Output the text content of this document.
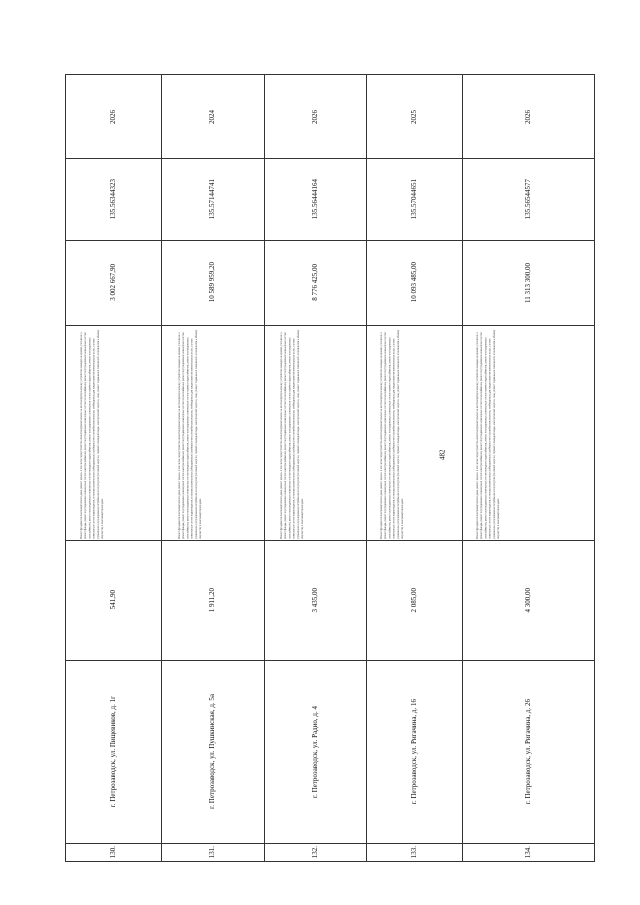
482
2026
135.56344323
3 002 667,90
Ремонт фундамента многоквартирного дома, ремонт крыши, в том числе переустройство невентилируемой крыши на вентилируемую крышу, устройство выходов на кровлю, утепление и ремонт фасада, ремонт внутридомовых инженерных систем электроснабжения, ремонт внутридомовых инженерных систем теплоснабжения, ремонт внутридомовых инженерных систем газоснабжения, ремонт внутридомовых инженерных систем холодного водоснабжения, ремонт внутридомовых инженерных систем горячего водоснабжения, ремонт внутридомовых инженерных систем водоотведения, установка коллективных (общедомовых) приборов учета потребления ресурсов, необходимых для предоставления коммунальных услуг, и узлов управления и регулирования потребления этих ресурсов (тепловой энергии, горячей и холодной воды, электрической энергии, газа), ремонт подвальных помещений, относящихся к общему имуществу в многоквартирном доме
541,90
г. Петрозаводск, ул. Пищевиков, д. 1г
130.
2024
135.57144741
10 589 959,20
Ремонт фундамента многоквартирного дома, ремонт крыши, в том числе переустройство невентилируемой крыши на вентилируемую крышу, устройство выходов на кровлю, утепление и ремонт фасада, ремонт внутридомовых инженерных систем электроснабжения, ремонт внутридомовых инженерных систем теплоснабжения, ремонт внутридомовых инженерных систем газоснабжения, ремонт внутридомовых инженерных систем холодного водоснабжения, ремонт внутридомовых инженерных систем горячего водоснабжения, ремонт внутридомовых инженерных систем водоотведения, установка коллективных (общедомовых) приборов учета потребления ресурсов, необходимых для предоставления коммунальных услуг, и узлов управления и регулирования потребления этих ресурсов (тепловой энергии, горячей и холодной воды, электрической энергии, газа), ремонт подвальных помещений, относящихся к общему имуществу в многоквартирном доме
1 911,20
г. Петрозаводск, ул. Пушкинская, д. 5а
131.
2026
135.56444164
8 776 425,00
Ремонт фундамента многоквартирного дома, ремонт крыши, в том числе переустройство невентилируемой крыши на вентилируемую крышу, устройство выходов на кровлю, утепление и ремонт фасада, ремонт внутридомовых инженерных систем электроснабжения, ремонт внутридомовых инженерных систем теплоснабжения, ремонт внутридомовых инженерных систем газоснабжения, ремонт внутридомовых инженерных систем холодного водоснабжения, ремонт внутридомовых инженерных систем горячего водоснабжения, ремонт внутридомовых инженерных систем водоотведения, установка коллективных (общедомовых) приборов учета потребления ресурсов, необходимых для предоставления коммунальных услуг, и узлов управления и регулирования потребления этих ресурсов (тепловой энергии, горячей и холодной воды, электрической энергии, газа), ремонт подвальных помещений, относящихся к общему имуществу в многоквартирном доме
3 435,00
г. Петрозаводск, ул. Радио, д. 4
132.
2025
135.57044651
10 093 485,00
Ремонт фундамента многоквартирного дома, ремонт крыши, в том числе переустройство невентилируемой крыши на вентилируемую крышу, устройство выходов на кровлю, утепление и ремонт фасада, ремонт внутридомовых инженерных систем электроснабжения, ремонт внутридомовых инженерных систем теплоснабжения, ремонт внутридомовых инженерных систем газоснабжения, ремонт внутридомовых инженерных систем холодного водоснабжения, ремонт внутридомовых инженерных систем горячего водоснабжения, ремонт внутридомовых инженерных систем водоотведения, установка коллективных (общедомовых) приборов учета потребления ресурсов, необходимых для предоставления коммунальных услуг, и узлов управления и регулирования потребления этих ресурсов (тепловой энергии, горячей и холодной воды, электрической энергии, газа), ремонт подвальных помещений, относящихся к общему имуществу в многоквартирном доме
2 085,00
г. Петрозаводск, ул. Ригачина, д. 16
133.
2026
135.56544577
11 313 300,00
Ремонт фундамента многоквартирного дома, ремонт крыши, в том числе переустройство невентилируемой крыши на вентилируемую крышу, устройство выходов на кровлю, утепление и ремонт фасада, ремонт внутридомовых инженерных систем электроснабжения, ремонт внутридомовых инженерных систем теплоснабжения, ремонт внутридомовых инженерных систем газоснабжения, ремонт внутридомовых инженерных систем холодного водоснабжения, ремонт внутридомовых инженерных систем горячего водоснабжения, ремонт внутридомовых инженерных систем водоотведения, установка коллективных (общедомовых) приборов учета потребления ресурсов, необходимых для предоставления коммунальных услуг, и узлов управления и регулирования потребления этих ресурсов (тепловой энергии, горячей и холодной воды, электрической энергии, газа), ремонт подвальных помещений, относящихся к общему имуществу в многоквартирном доме
4 300,00
г. Петрозаводск, ул. Ригачина, д. 26
134.
